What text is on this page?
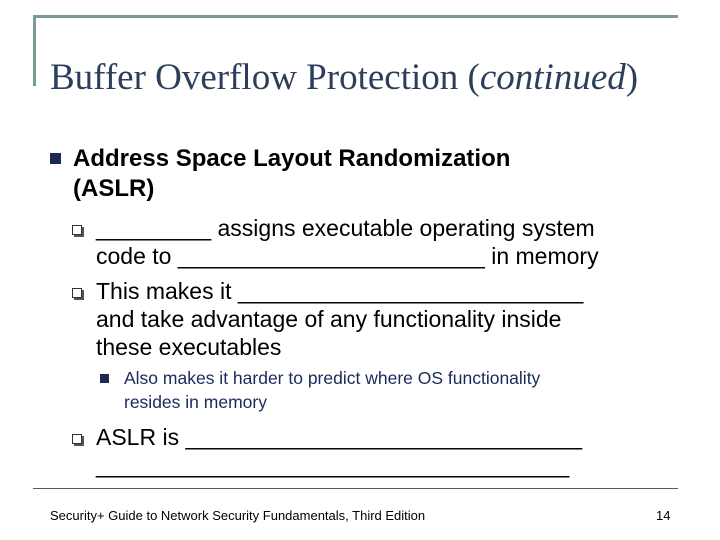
Buffer Overflow Protection (continued)
Address Space Layout Randomization
(ASLR)
_________ assigns executable operating system
code to ________________________ in memory
This makes it ___________________________
and take advantage of any functionality inside
these executables
Also makes it harder to predict where OS functionality
resides in memory
ASLR is _______________________________
_____________________________________
Security+ Guide to Network Security Fundamentals, Third Edition	14
